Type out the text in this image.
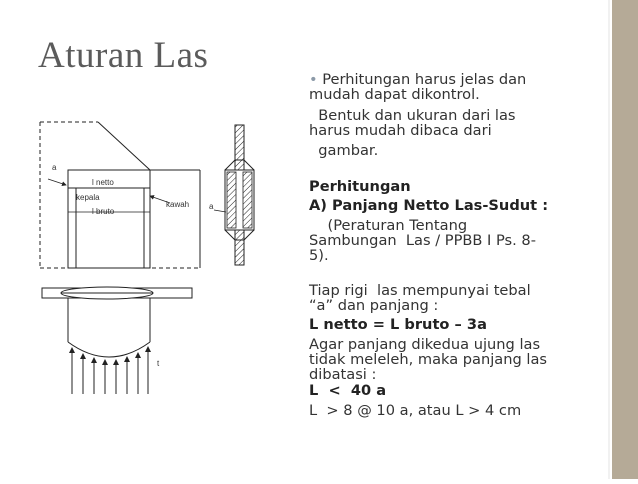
Aturan Las
a
l netto
kepala
l bruto
kawah a
t

• Perhitungan harus jelas dan

mudah dapat dikontrol.

Bentuk dan ukuran dari las

harus mudah dibaca dari

gambar.

Perhitungan

A) Panjang Netto Las-Sudut :

(Peraturan Tentang

Sambungan  Las / PPBB I Ps. 8-

5).

Tiap rigi  las mempunyai tebal

“a” dan panjang :

L netto = L bruto – 3a

Agar panjang dikedua ujung las

tidak meleleh, maka panjang las

dibatasi :

L  <  40 a

L  > 8 @ 10 a, atau L > 4 cm
